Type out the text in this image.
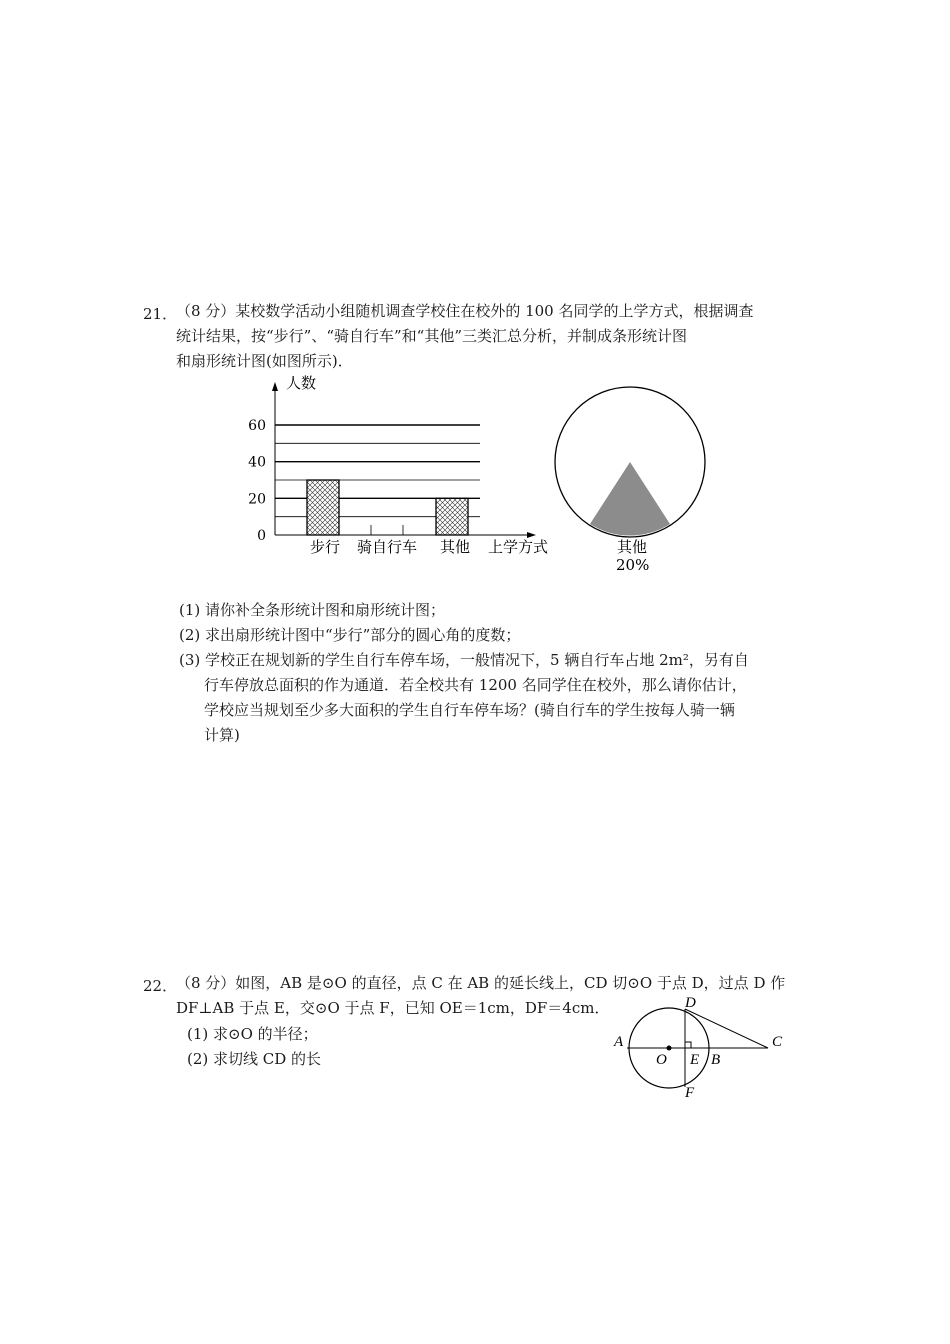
21．
（8 分）某校数学活动小组随机调查学校住在校外的 100 名同学的上学方式，根据调查
统计结果，按“步行”、“骑自行车”和“其他”三类汇总分析，并制成条形统计图
和扇形统计图(如图所示)．
人数
0
20
40
60
步行 骑自行车 其他 上学方式	其他
20%
(1) 请你补全条形统计图和扇形统计图；
(2) 求出扇形统计图中“步行”部分的圆心角的度数；
(3) 学校正在规划新的学生自行车停车场，一般情况下，5 辆自行车占地 2m²，另有自
行车停放总面积的作为通道．若全校共有 1200 名同学住在校外，那么请你估计，
学校应当规划至少多大面积的学生自行车停车场？(骑自行车的学生按每人骑一辆
计算)
22．
（8 分）如图，AB 是⊙O 的直径，点 C 在 AB 的延长线上，CD 切⊙O 于点 D，过点 D 作
DF⊥AB 于点 E，交⊙O 于点 F，已知 OE＝1cm，DF＝4cm．
(1) 求⊙O 的半径；
(2) 求切线 CD 的长
A
O E B
C
D
F
